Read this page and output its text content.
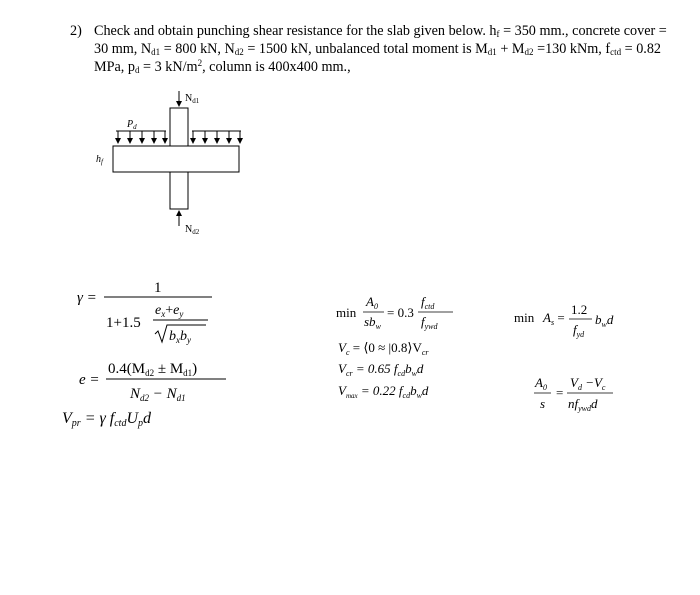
2) Check and obtain punching shear resistance for the slab given below. $h_f = 350$ mm., concrete cover = 30 mm, $N_{d1} = 800$ kN, $N_{d2} = 1500$ kN, unbalanced total moment is $M_{d1} + M_{d2} =130$ kNm, $f_{ctd} = 0.82$ MPa, $p_d = 3$ $kN/m^2$, column is 400x400 mm.,
$N_{d1}$
$N_{d2}$
$P_d$
$h_f$
γ =
1
1+1.5
$e_x+e_y$
$b_xb_y$
e =
$0.4(M_{d2} \pm M_{d1})$
$N_{d2} - N_{d1}$
Vpr = γ fctdUpd
min
$A_0$
$sb_w$
= 0.3
$f_{ctd}$
$f_{ywd}$
$V_c$ = ⟨0 ≈ $|0.8⟩V_{cr}$
$V_{cr} = 0.65$ $f_{cd}b_wd$
$V_{max} = 0.22$ $f_{cd}b_wd$
$\min A_s$ =
1.2
$f_{yd}$
$b_wd$
$A_0$
s
=
$V_d -V_c$
$nf_{ywd}d$
